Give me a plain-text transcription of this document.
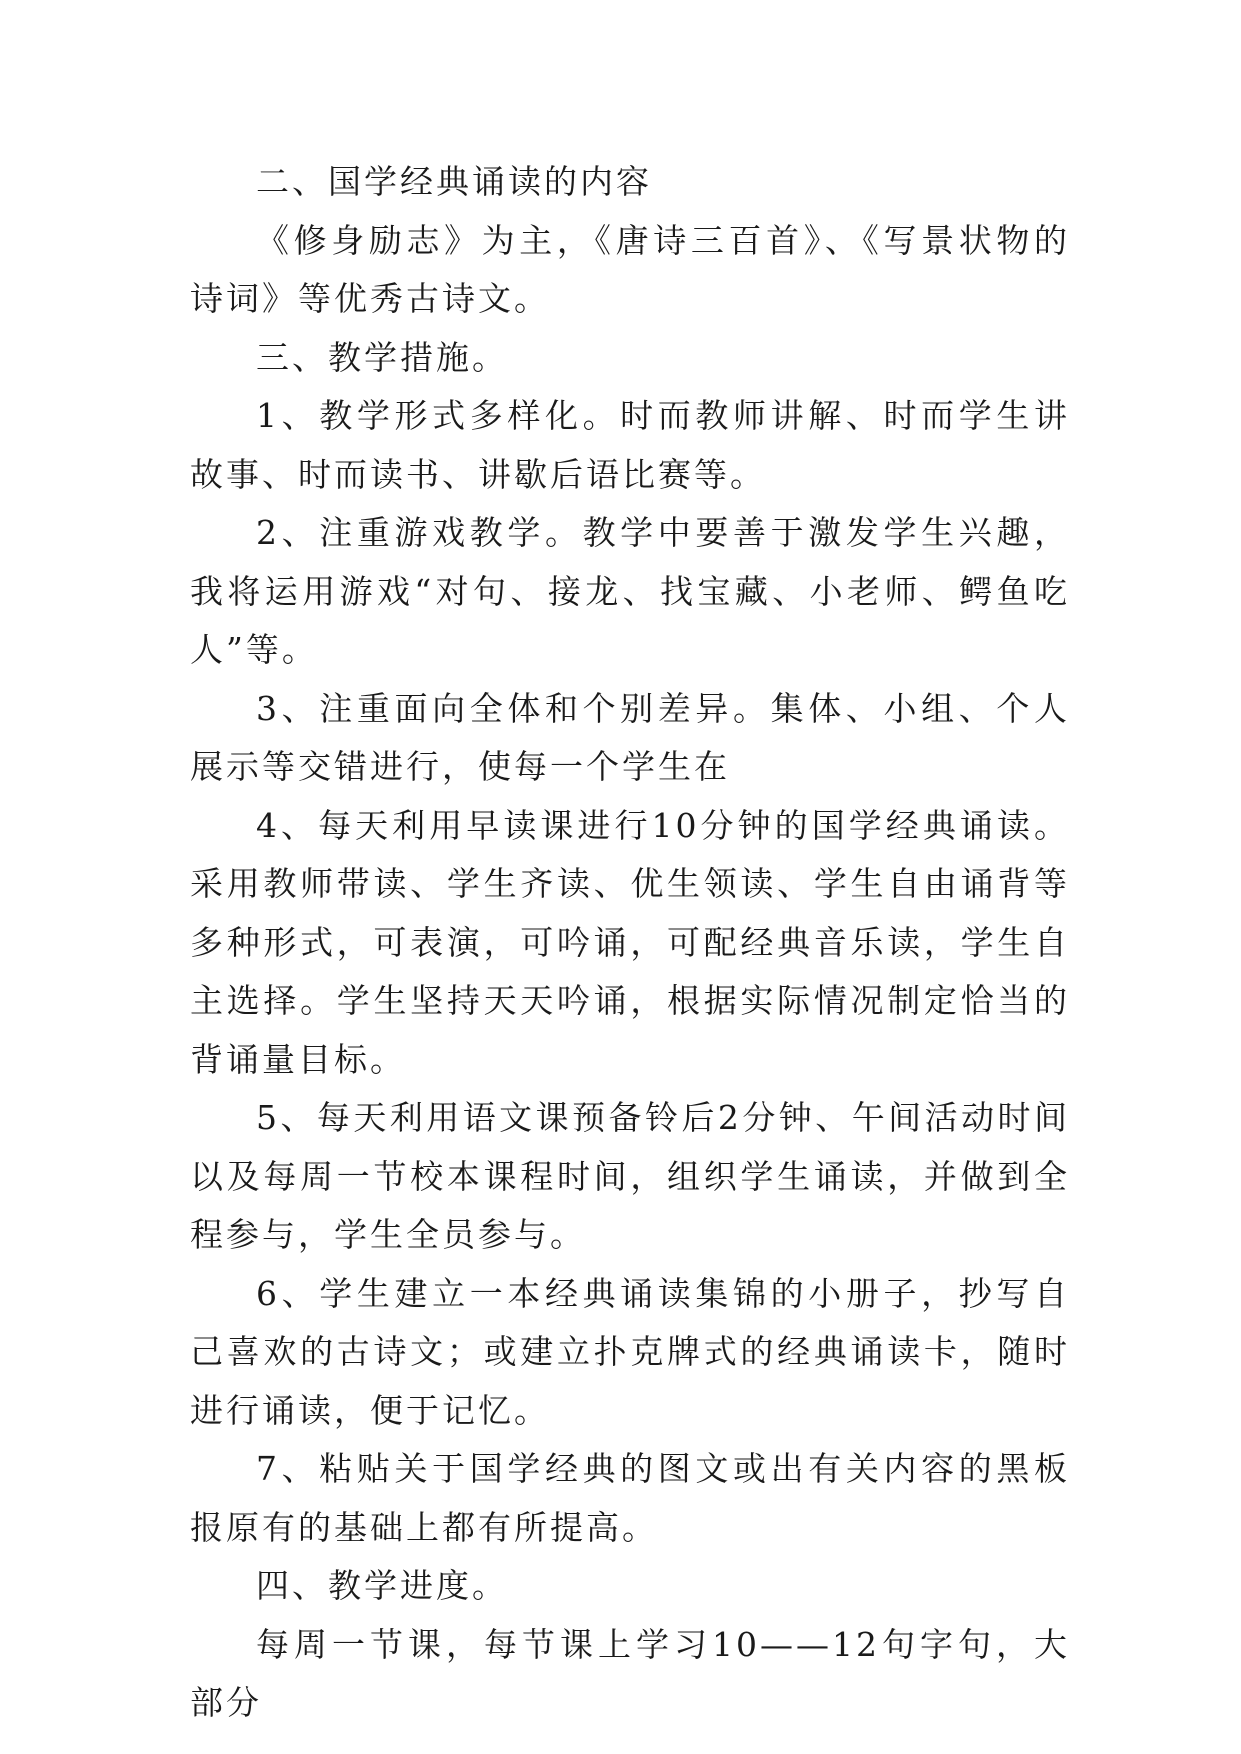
二、国学经典诵读的内容

《修身励志》为主，《唐诗三百首》、《写景状物的诗词》等优秀古诗文。

三、教学措施。

1、教学形式多样化。时而教师讲解、时而学生讲故事、时而读书、讲歇后语比赛等。

2、注重游戏教学。教学中要善于激发学生兴趣，我将运用游戏“对句、接龙、找宝藏、小老师、鳄鱼吃人”等。

3、注重面向全体和个别差异。集体、小组、个人展示等交错进行，使每一个学生在

4、每天利用早读课进行10分钟的国学经典诵读。采用教师带读、学生齐读、优生领读、学生自由诵背等多种形式，可表演，可吟诵，可配经典音乐读，学生自主选择。学生坚持天天吟诵，根据实际情况制定恰当的背诵量目标。

5、每天利用语文课预备铃后2分钟、午间活动时间以及每周一节校本课程时间，组织学生诵读，并做到全程参与，学生全员参与。

6、学生建立一本经典诵读集锦的小册子，抄写自己喜欢的古诗文；或建立扑克牌式的经典诵读卡，随时进行诵读，便于记忆。

7、粘贴关于国学经典的图文或出有关内容的黑板报原有的基础上都有所提高。

四、教学进度。

每周一节课，每节课上学习10——12句字句，大部分
